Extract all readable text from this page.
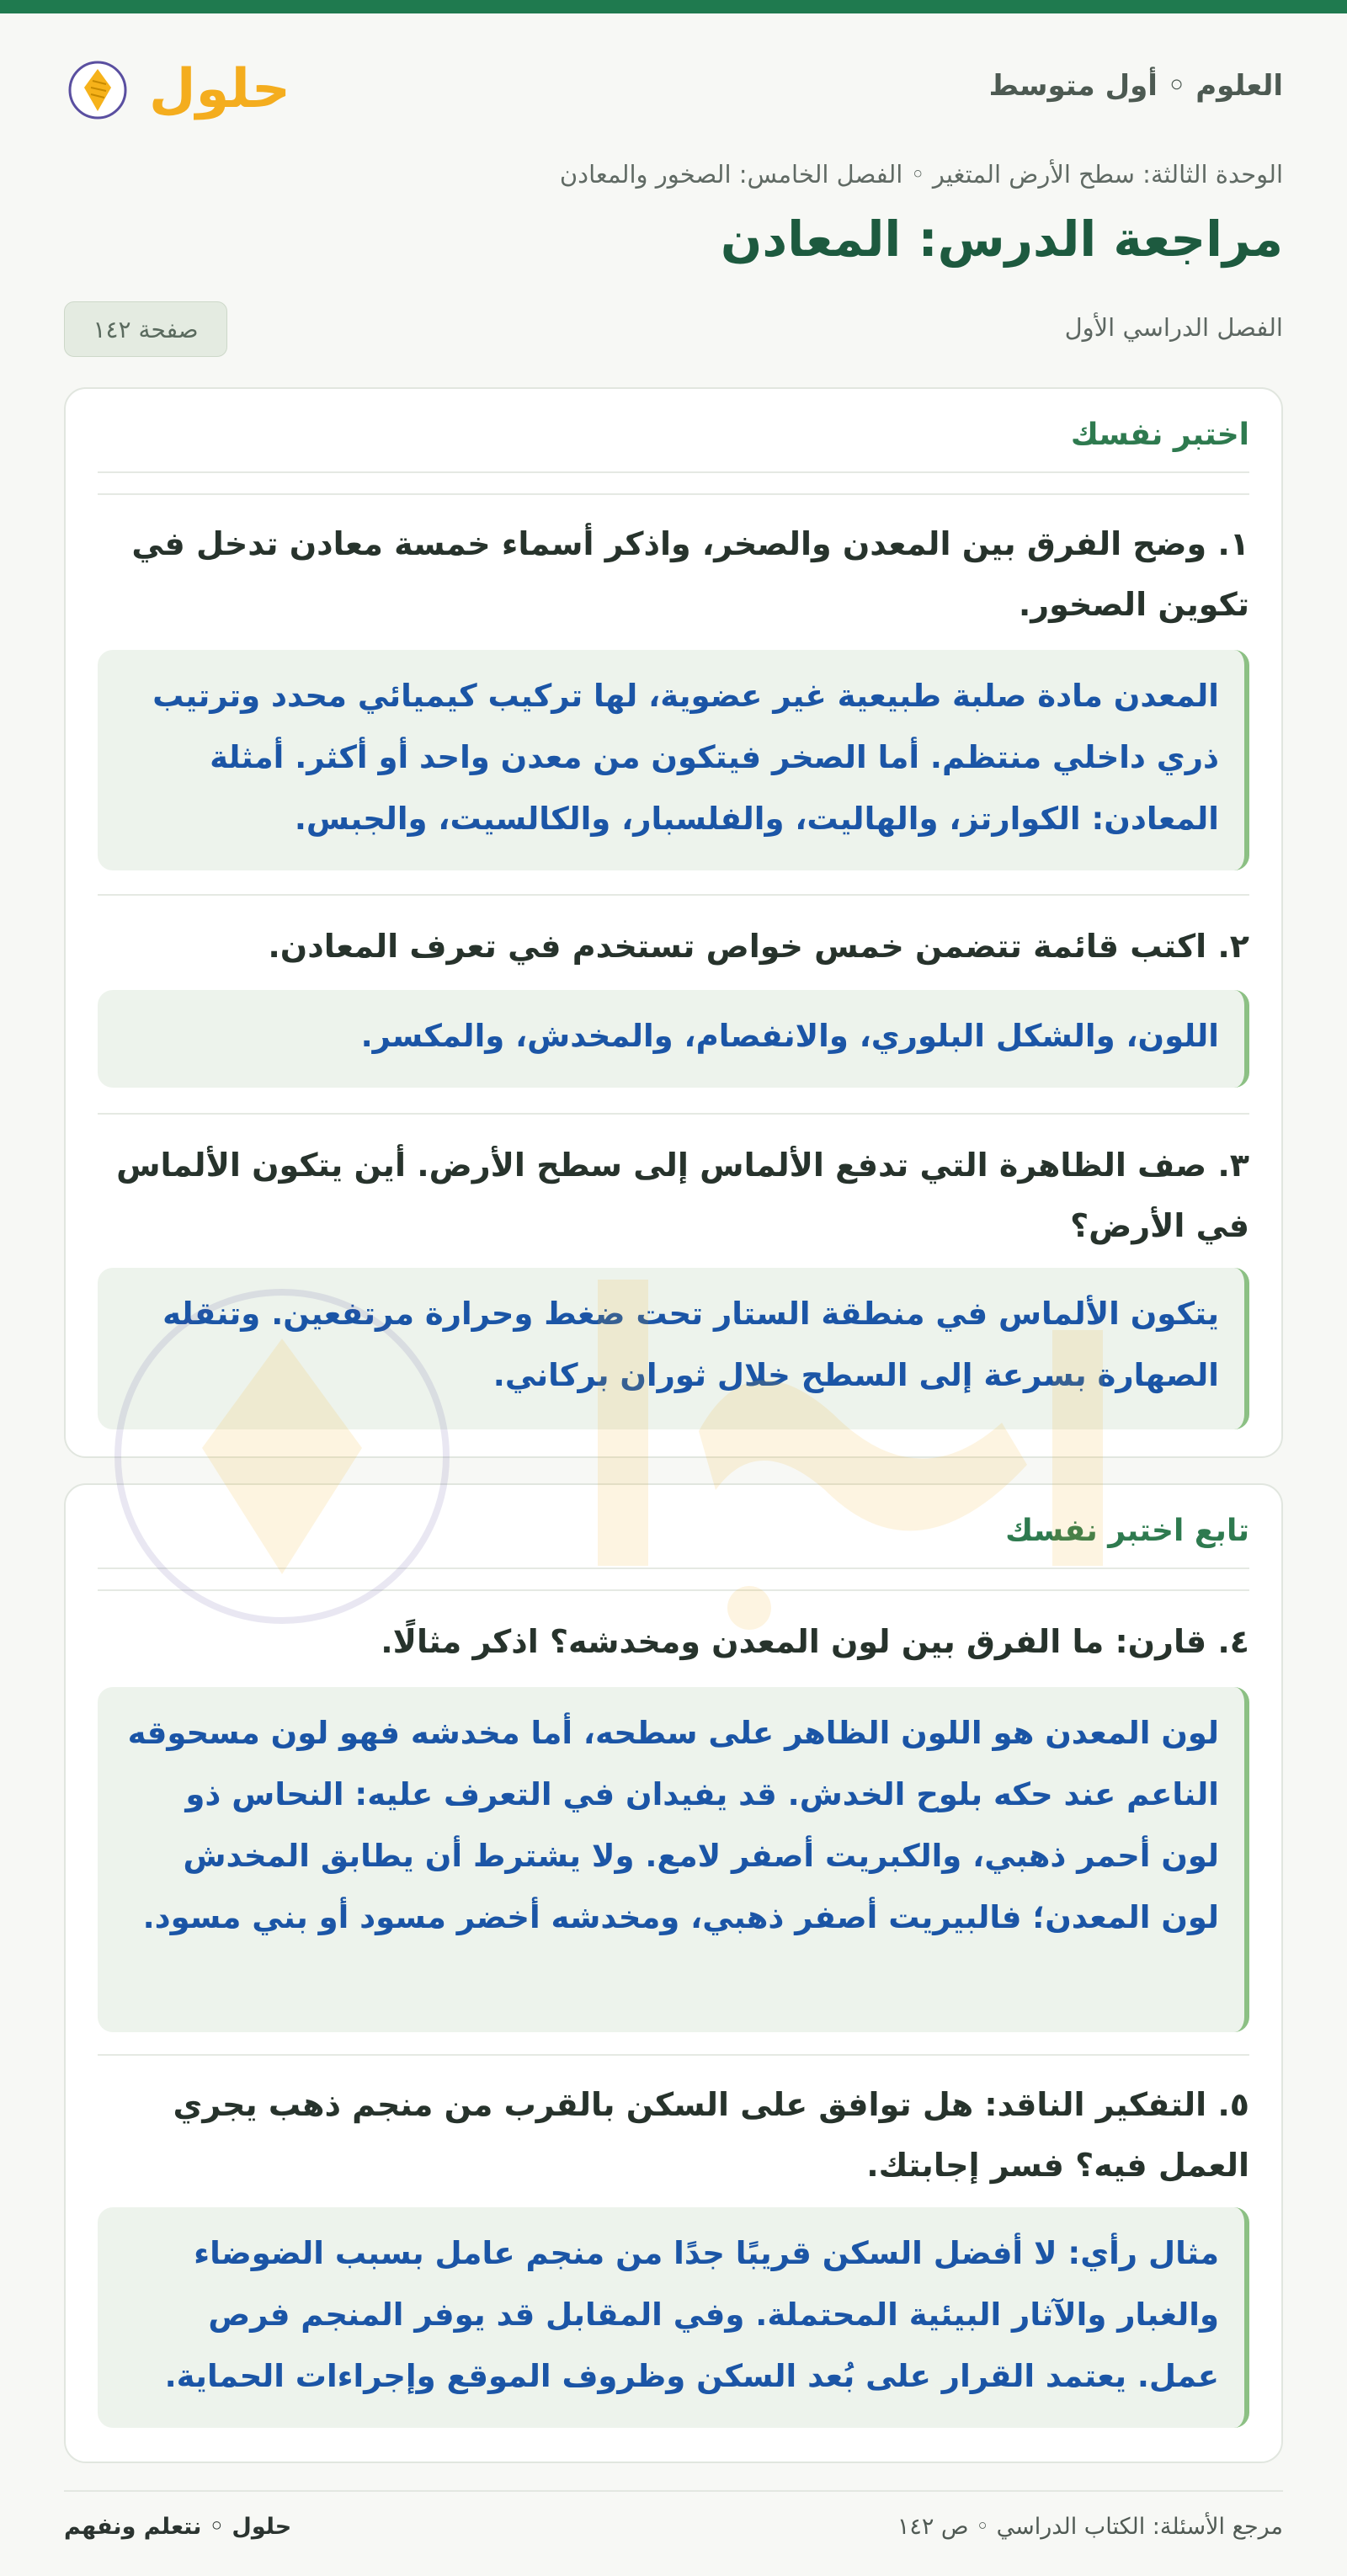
العلوم ◦ أول متوسط
حلول
الوحدة الثالثة: سطح الأرض المتغير ◦ الفصل الخامس: الصخور والمعادن
مراجعة الدرس: المعادن
الفصل الدراسي الأول
صفحة ١٤٢
اختبر نفسك
١. وضح الفرق بين المعدن والصخر، واذكر أسماء خمسة معادن تدخل في تكوين الصخور.
المعدن مادة صلبة طبيعية غير عضوية، لها تركيب كيميائي محدد وترتيب ذري داخلي منتظم. أما الصخر فيتكون من معدن واحد أو أكثر. أمثلة المعادن: الكوارتز، والهاليت، والفلسبار، والكالسيت، والجبس.
٢. اكتب قائمة تتضمن خمس خواص تستخدم في تعرف المعادن.
اللون، والشكل البلوري، والانفصام، والمخدش، والمكسر.
٣. صف الظاهرة التي تدفع الألماس إلى سطح الأرض. أين يتكون الألماس في الأرض؟
يتكون الألماس في منطقة الستار تحت ضغط وحرارة مرتفعين. وتنقله الصهارة بسرعة إلى السطح خلال ثوران بركاني.
تابع اختبر نفسك
٤. قارن: ما الفرق بين لون المعدن ومخدشه؟ اذكر مثالًا.
لون المعدن هو اللون الظاهر على سطحه، أما مخدشه فهو لون مسحوقه الناعم عند حكه بلوح الخدش. قد يفيدان في التعرف عليه: النحاس ذو لون أحمر ذهبي، والكبريت أصفر لامع. ولا يشترط أن يطابق المخدش لون المعدن؛ فالبيريت أصفر ذهبي، ومخدشه أخضر مسود أو بني مسود.
٥. التفكير الناقد: هل توافق على السكن بالقرب من منجم ذهب يجري العمل فيه؟ فسر إجابتك.
مثال رأي: لا أفضل السكن قريبًا جدًا من منجم عامل بسبب الضوضاء والغبار والآثار البيئية المحتملة. وفي المقابل قد يوفر المنجم فرص عمل. يعتمد القرار على بُعد السكن وظروف الموقع وإجراءات الحماية.
مرجع الأسئلة: الكتاب الدراسي ◦ ص ١٤٢
حلول ◦ نتعلم ونفهم
